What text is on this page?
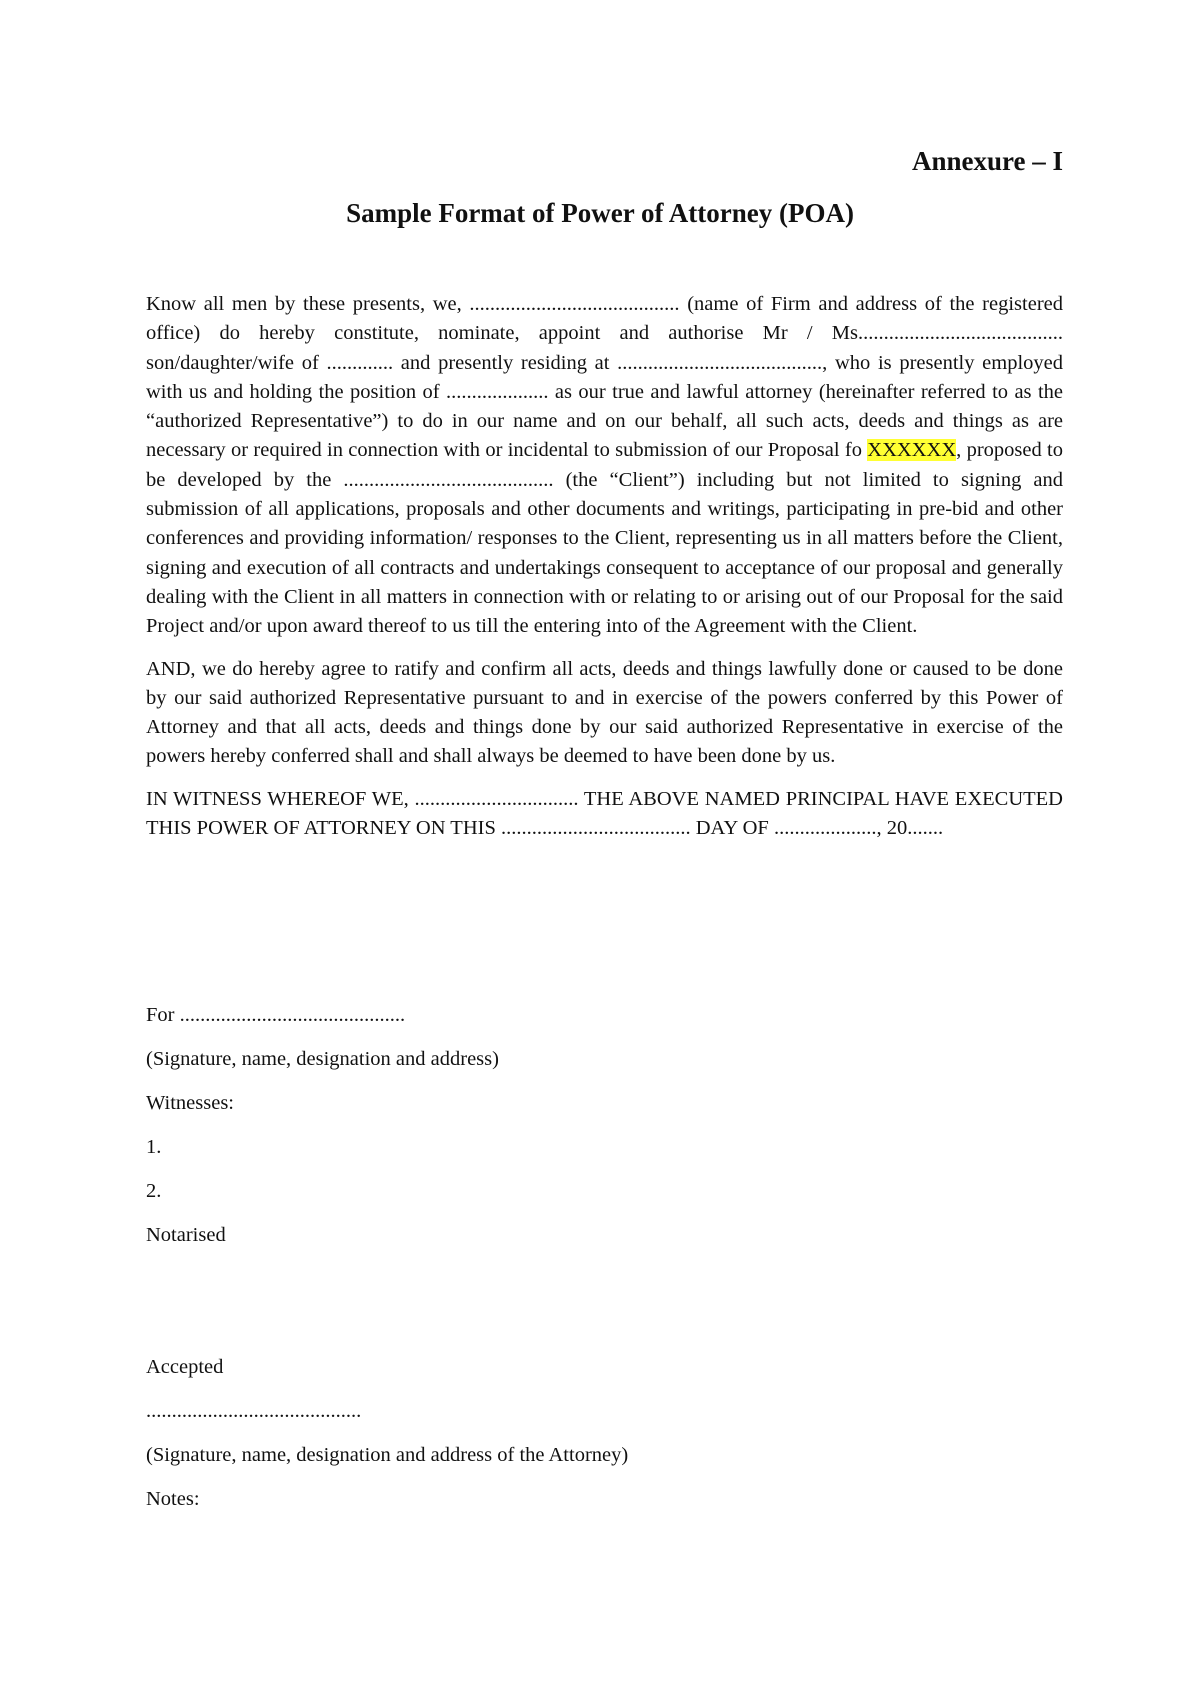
Annexure – I

Sample Format of Power of Attorney (POA)

Know all men by these presents, we, ......................................... (name of Firm and address of the registered office) do hereby constitute, nominate, appoint and authorise Mr / Ms........................................ son/daughter/wife of ............. and presently residing at ........................................, who is presently employed with us and holding the position of .................... as our true and lawful attorney (hereinafter referred to as the “authorized Representative”) to do in our name and on our behalf, all such acts, deeds and things as are necessary or required in connection with or incidental to submission of our Proposal fo XXXXXX, proposed to be developed by the ......................................... (the “Client”) including but not limited to signing and submission of all applications, proposals and other documents and writings, participating in pre-bid and other conferences and providing information/ responses to the Client, representing us in all matters before the Client, signing and execution of all contracts and undertakings consequent to acceptance of our proposal and generally dealing with the Client in all matters in connection with or relating to or arising out of our Proposal for the said Project and/or upon award thereof to us till the entering into of the Agreement with the Client.

AND, we do hereby agree to ratify and confirm all acts, deeds and things lawfully done or caused to be done by our said authorized Representative pursuant to and in exercise of the powers conferred by this Power of Attorney and that all acts, deeds and things done by our said authorized Representative in exercise of the powers hereby conferred shall and shall always be deemed to have been done by us.

IN WITNESS WHEREOF WE, ................................ THE ABOVE NAMED PRINCIPAL HAVE EXECUTED THIS POWER OF ATTORNEY ON THIS ..................................... DAY OF ...................., 20.......

For ............................................

(Signature, name, designation and address)

Witnesses:

1.

2.

Notarised

Accepted

..........................................

(Signature, name, designation and address of the Attorney)

Notes:
